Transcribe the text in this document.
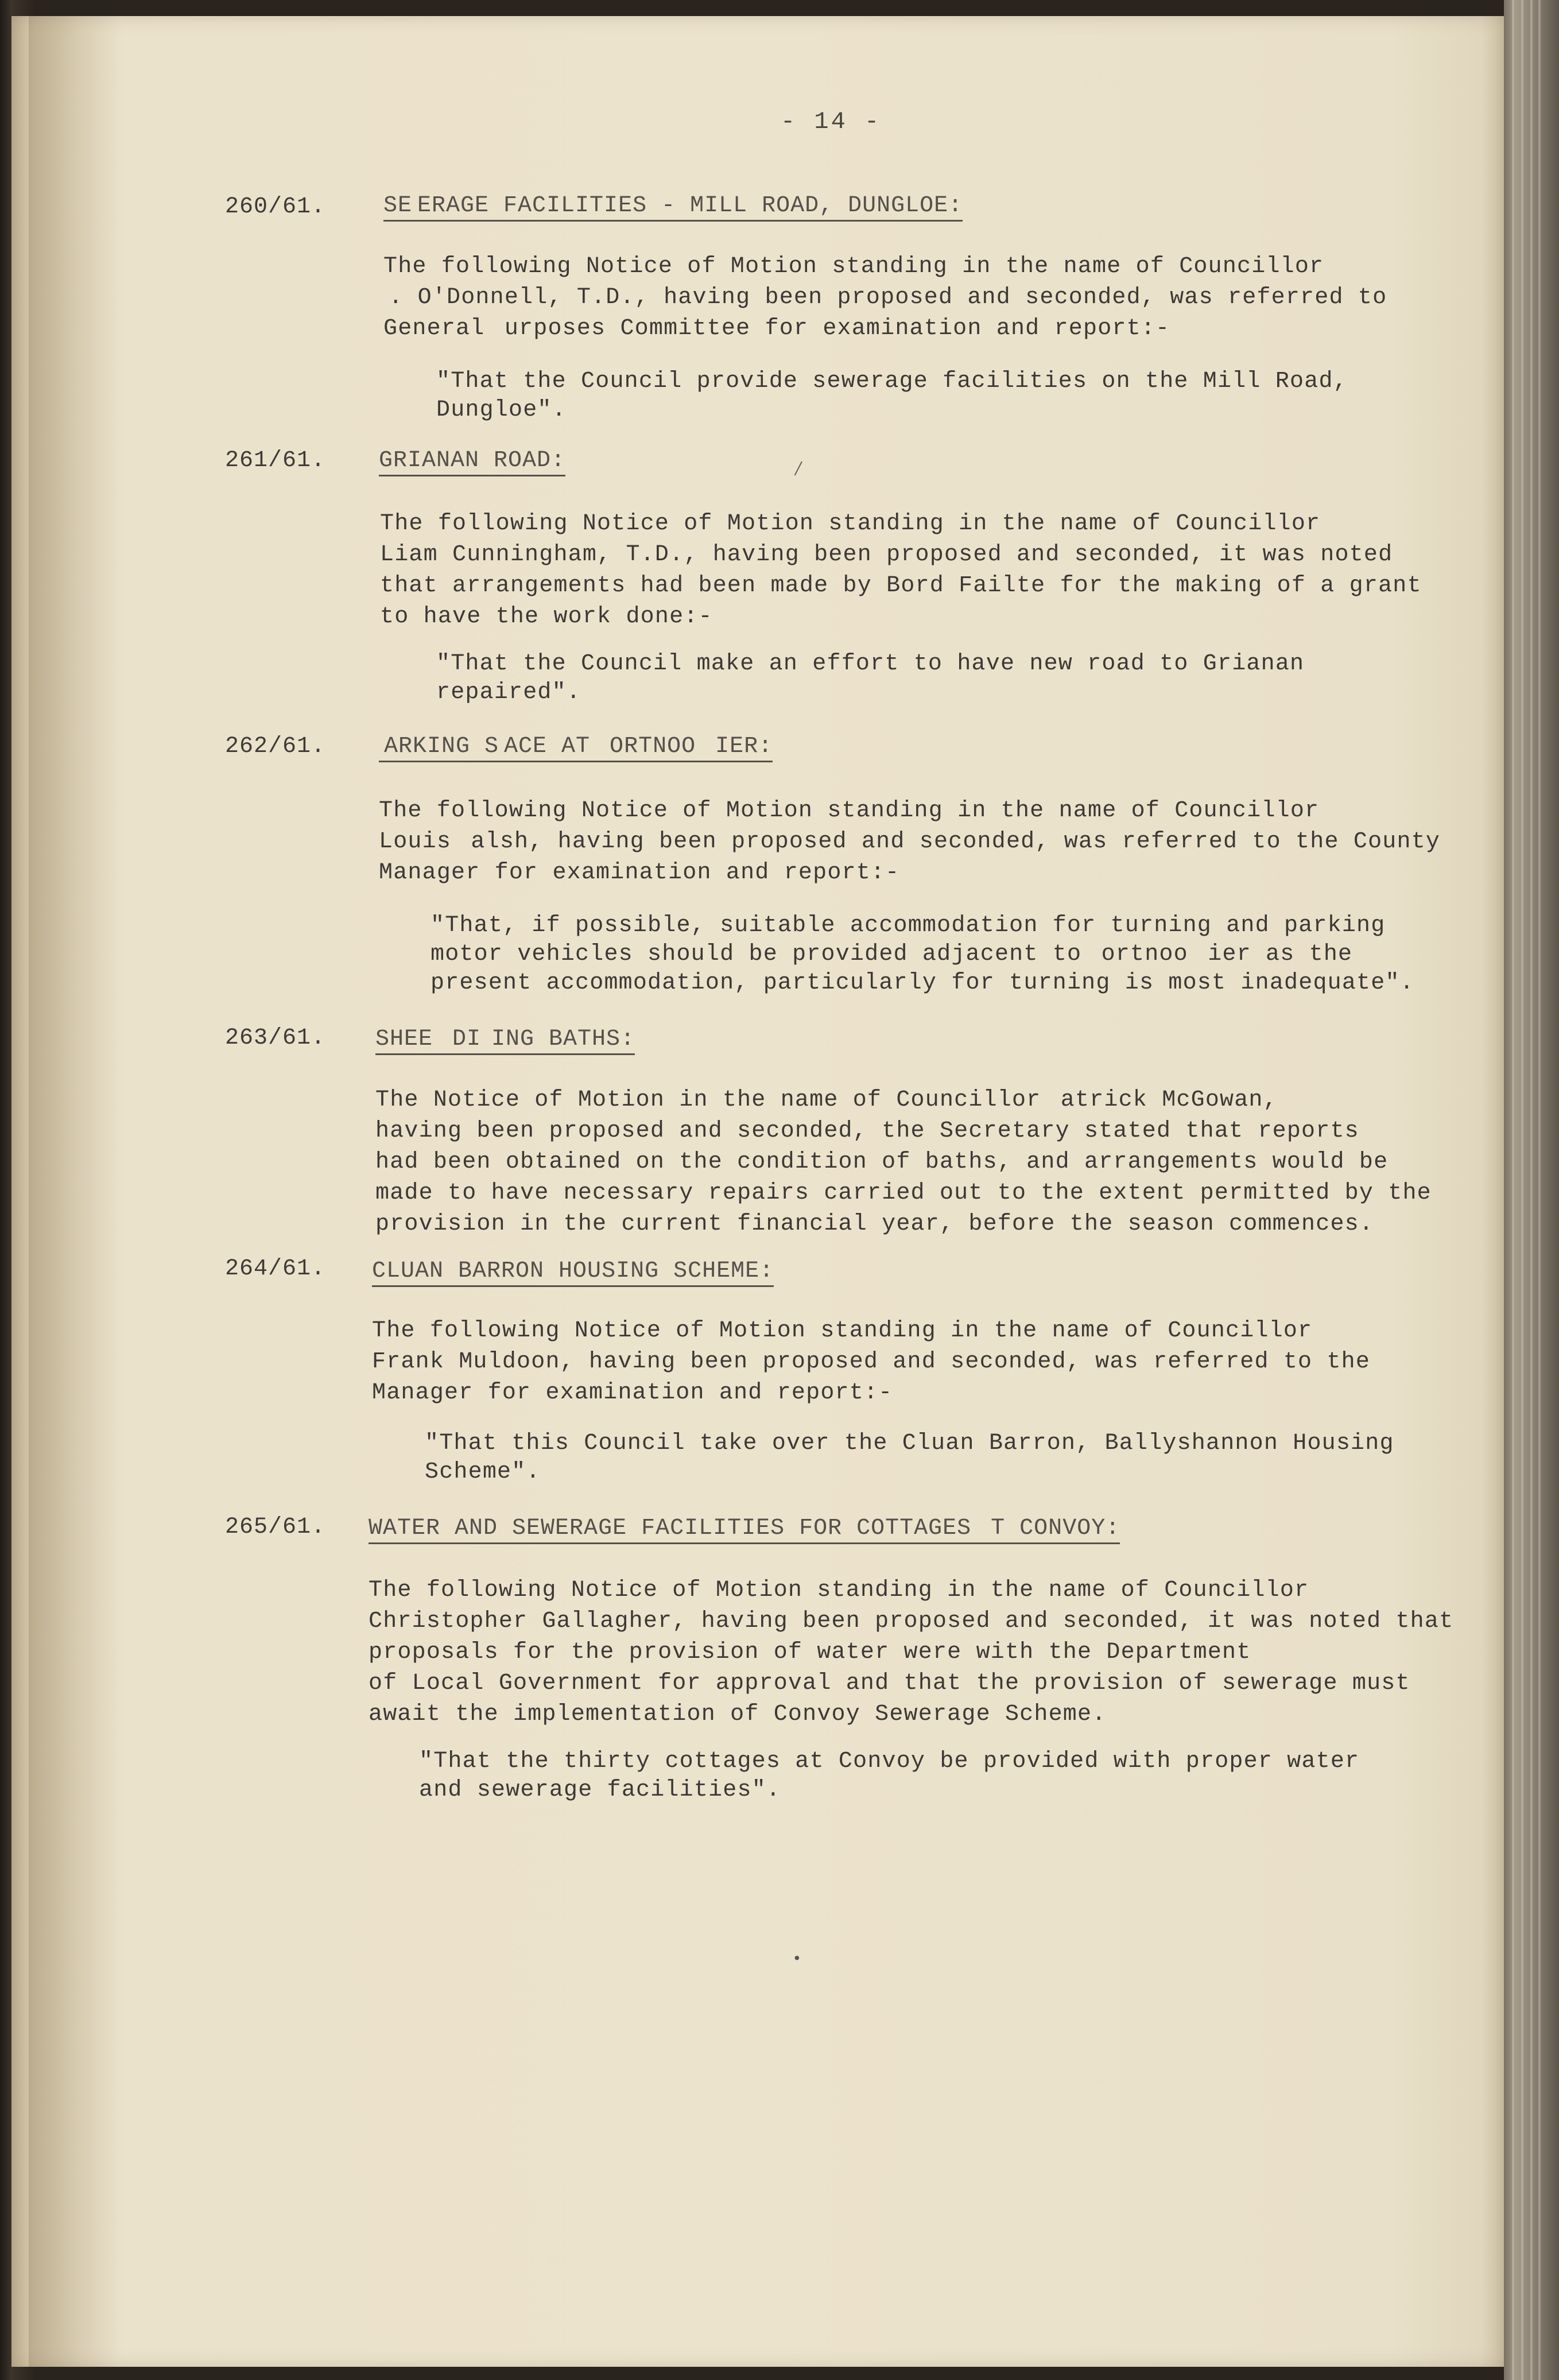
- 14 -
260/61.	SE ERAGE FACILITIES - MILL ROAD, DUNGLOE:
The following Notice of Motion standing in the name of Councillor
 . O'Donnell, T.D., having been proposed and seconded, was referred to
General  urposes Committee for examination and report:-
"That the Council provide sewerage facilities on the Mill Road,
Dungloe".
261/61. GRIANAN ROAD:	⁄
The following Notice of Motion standing in the name of Councillor
Liam Cunningham, T.D., having been proposed and seconded, it was noted
that arrangements had been made by Bord Failte for the making of a grant
to have the work done:-
"That the Council make an effort to have new road to Grianan
repaired".
262/61.  ARKING S ACE AT  ORTNOO  IER:
The following Notice of Motion standing in the name of Councillor
Louis  alsh, having been proposed and seconded, was referred to the County
Manager for examination and report:-
"That, if possible, suitable accommodation for turning and parking
motor vehicles should be provided adjacent to  ortnoo  ier as the
present accommodation, particularly for turning is most inadequate".
263/61. SHEE  DI  ING BATHS:
The Notice of Motion in the name of Councillor  atrick McGowan,
having been proposed and seconded, the Secretary stated that reports
had been obtained on the condition of baths, and arrangements would be
made to have necessary repairs carried out to the extent permitted by the
provision in the current financial year, before the season commences.
264/61. CLUAN BARRON HOUSING SCHEME:
The following Notice of Motion standing in the name of Councillor
Frank Muldoon, having been proposed and seconded, was referred to the
Manager for examination and report:-
"That this Council take over the Cluan Barron, Ballyshannon Housing
Scheme".
265/61. WATER AND SEWERAGE FACILITIES FOR COTTAGES  T CONVOY:
The following Notice of Motion standing in the name of Councillor
Christopher Gallagher, having been proposed and seconded, it was noted that
proposals for the provision of water were with the Department
of Local Government for approval and that the provision of sewerage must
await the implementation of Convoy Sewerage Scheme.
"That the thirty cottages at Convoy be provided with proper water
and sewerage facilities".
•
